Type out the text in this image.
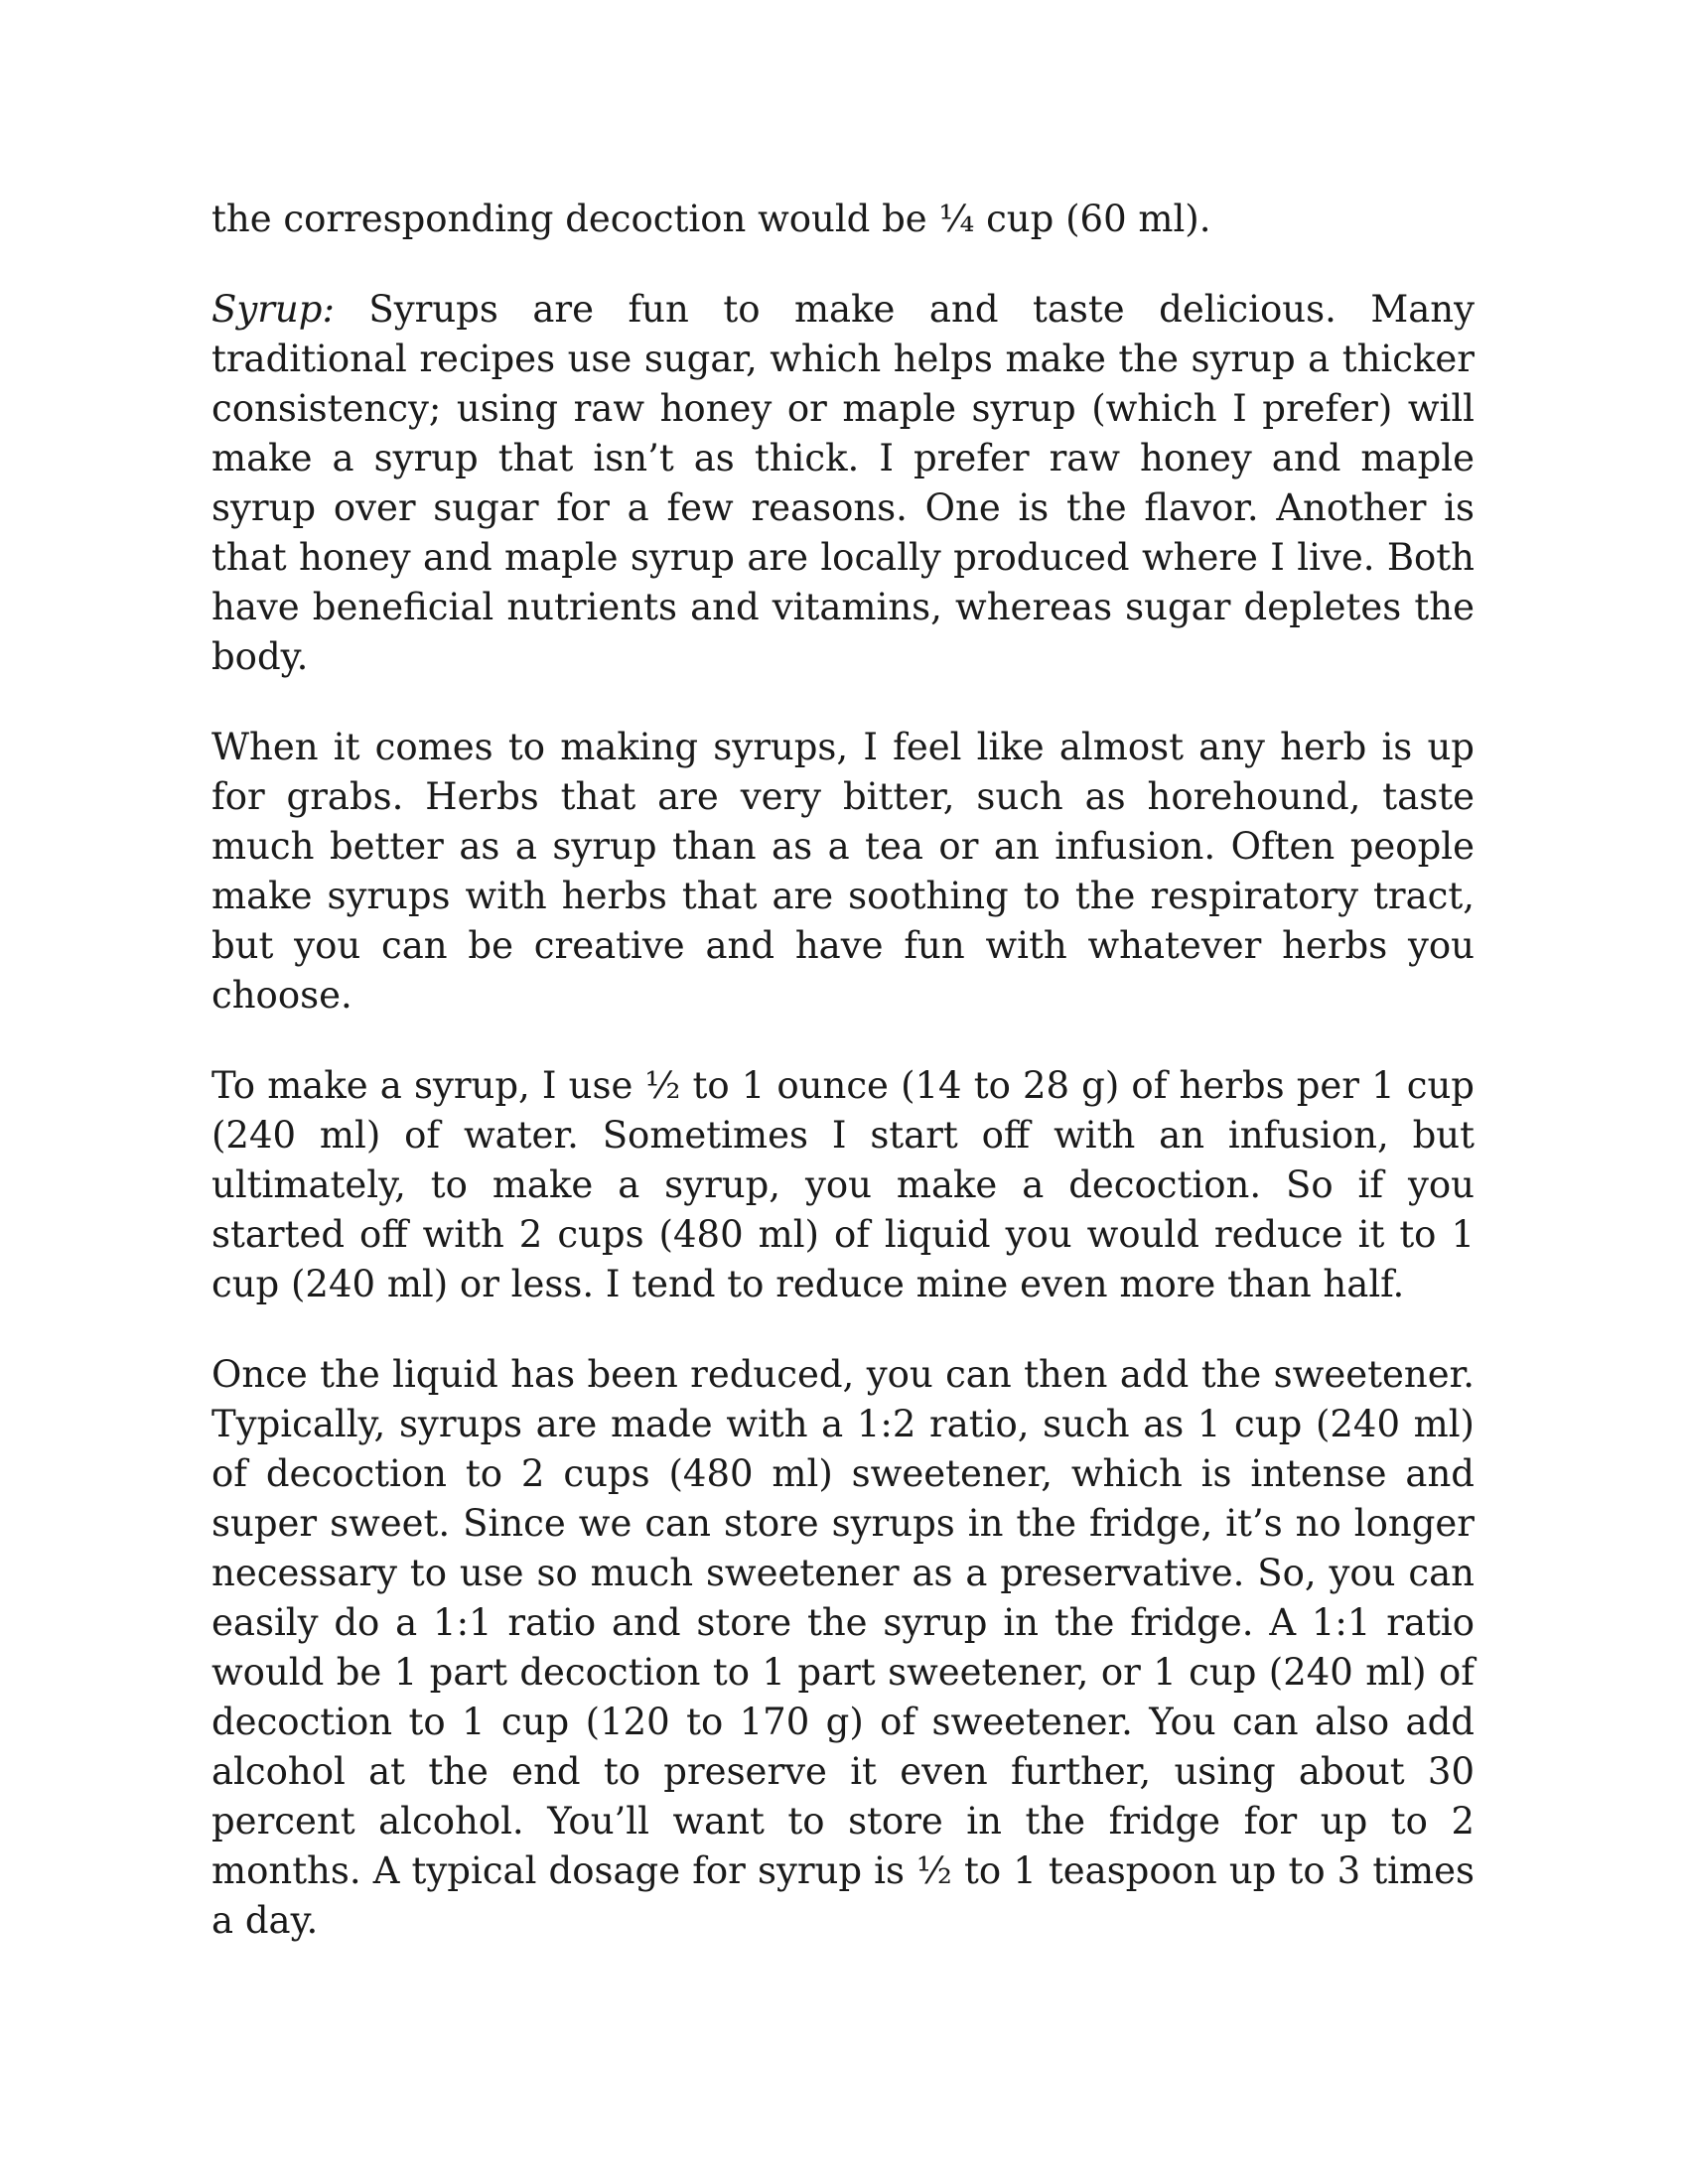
the corresponding decoction would be ¼ cup (60 ml).

Syrup: Syrups are fun to make and taste delicious. Many traditional recipes use sugar, which helps make the syrup a thicker consistency; using raw honey or maple syrup (which I prefer) will make a syrup that isn’t as thick. I prefer raw honey and maple syrup over sugar for a few reasons. One is the flavor. Another is that honey and maple syrup are locally produced where I live. Both have beneficial nutrients and vitamins, whereas sugar depletes the body.

When it comes to making syrups, I feel like almost any herb is up for grabs. Herbs that are very bitter, such as horehound, taste much better as a syrup than as a tea or an infusion. Often people make syrups with herbs that are soothing to the respiratory tract, but you can be creative and have fun with whatever herbs you choose.

To make a syrup, I use ½ to 1 ounce (14 to 28 g) of herbs per 1 cup (240 ml) of water. Sometimes I start off with an infusion, but ultimately, to make a syrup, you make a decoction. So if you started off with 2 cups (480 ml) of liquid you would reduce it to 1 cup (240 ml) or less. I tend to reduce mine even more than half.

Once the liquid has been reduced, you can then add the sweetener. Typically, syrups are made with a 1:2 ratio, such as 1 cup (240 ml) of decoction to 2 cups (480 ml) sweetener, which is intense and super sweet. Since we can store syrups in the fridge, it’s no longer necessary to use so much sweetener as a preservative. So, you can easily do a 1:1 ratio and store the syrup in the fridge. A 1:1 ratio would be 1 part decoction to 1 part sweetener, or 1 cup (240 ml) of decoction to 1 cup (120 to 170 g) of sweetener. You can also add alcohol at the end to preserve it even further, using about 30 percent alcohol. You’ll want to store in the fridge for up to 2 months. A typical dosage for syrup is ½ to 1 teaspoon up to 3 times a day.
